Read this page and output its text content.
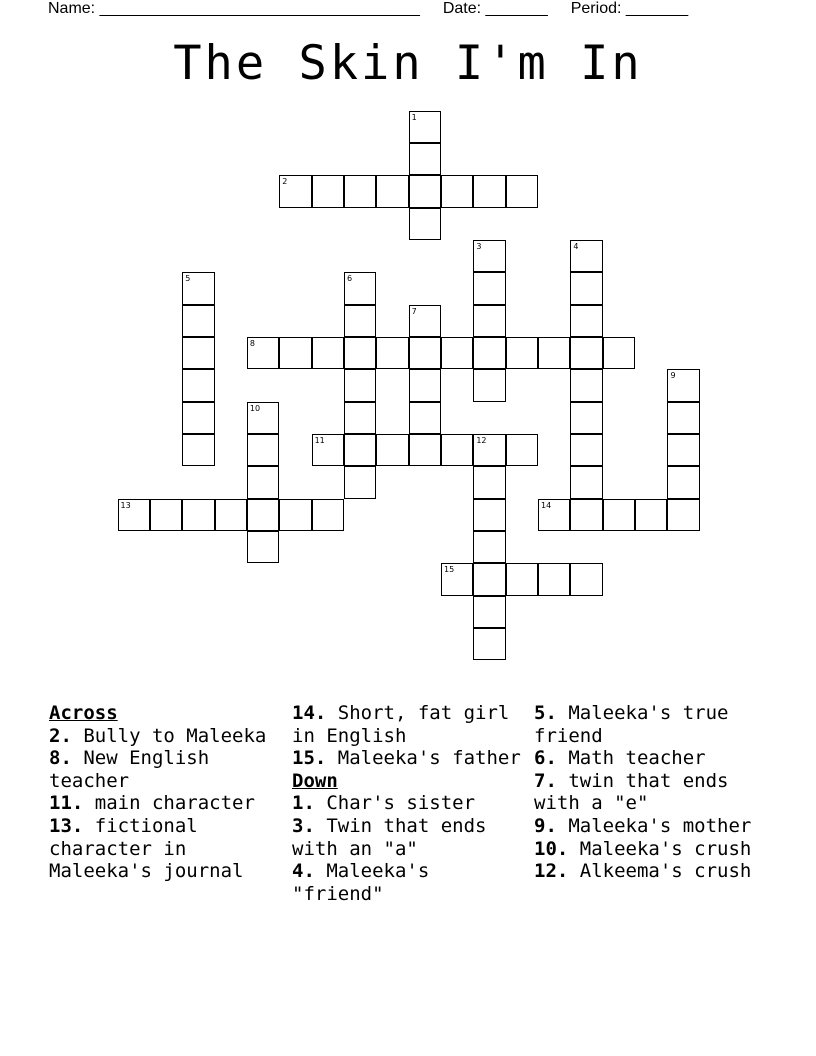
Name: ____________________________________ Date: _______ Period: _______
The Skin I'm In
1
2
3	4
5	6
7
8
9
10
11	12
13	14
15
Across
2. Bully to Maleeka
8. New English teacher
11. main character
13. fictional character in Maleeka's journal
14. Short, fat girl in English
15. Maleeka's father
Down
1. Char's sister
3. Twin that ends with an "a"
4. Maleeka's "friend"
5. Maleeka's true friend
6. Math teacher
7. twin that ends with a "e"
9. Maleeka's mother
10. Maleeka's crush
12. Alkeema's crush
